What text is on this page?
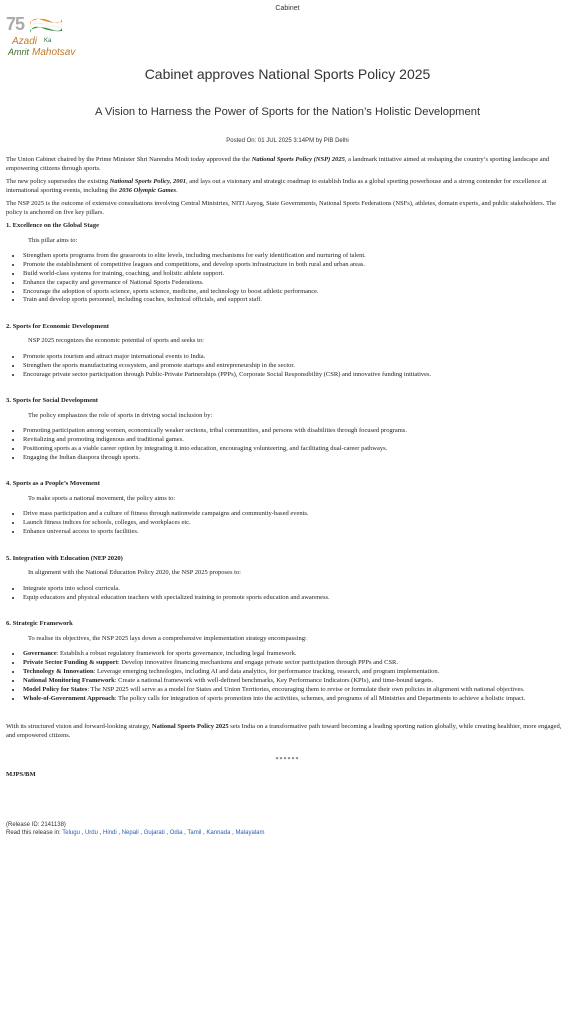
Cabinet
75
Azadi Ka
Amrit Mahotsav
Cabinet approves National Sports Policy 2025
A Vision to Harness the Power of Sports for the Nation’s Holistic Development
Posted On: 01 JUL 2025 3:14PM by PIB Delhi

The Union Cabinet chaired by the Prime Minister Shri Narendra Modi today approved the the National Sports Policy (NSP) 2025, a landmark initiative aimed at reshaping the country’s sporting landscape and empowering citizens through sports.

The new policy supersedes the existing National Sports Policy, 2001, and lays out a visionary and strategic roadmap to establish India as a global sporting powerhouse and a strong contender for excellence at international sporting events, including the 2036 Olympic Games.

The NSP 2025 is the outcome of extensive consultations involving Central Ministries, NITI Aayog, State Governments, National Sports Federations (NSFs), athletes, domain experts, and public stakeholders. The policy is anchored on five key pillars.

1. Excellence on the Global Stage

This pillar aims to:

• Strengthen sports programs from the grassroots to elite levels, including mechanisms for early identification and nurturing of talent.
• Promote the establishment of competitive leagues and competitions, and develop sports infrastructure in both rural and urban areas.
• Build world-class systems for training, coaching, and holistic athlete support.
• Enhance the capacity and governance of National Sports Federations.
• Encourage the adoption of sports science, sports science, medicine, and technology to boost athletic performance.
• Train and develop sports personnel, including coaches, technical officials, and support staff.
2. Sports for Economic Development

NSP 2025 recognizes the economic potential of sports and seeks to:

• Promote sports tourism and attract major international events to India.
• Strengthen the sports manufacturing ecosystem, and promote startups and entrepreneurship in the sector.
• Encourage private sector participation through Public-Private Partnerships (PPPs), Corporate Social Responsibility (CSR) and innovative funding initiatives.
3. Sports for Social Development

The policy emphasizes the role of sports in driving social inclusion by:

• Promoting participation among women, economically weaker sections, tribal communities, and persons with disabilities through focused programs.
• Revitalizing and promoting indigenous and traditional games.
• Positioning sports as a viable career option by integrating it into education, encouraging volunteering, and facilitating dual-career pathways.
• Engaging the Indian diaspora through sports.
4. Sports as a People’s Movement

To make sports a national movement, the policy aims to:

• Drive mass participation and a culture of fitness through nationwide campaigns and community-based events.
• Launch fitness indices for schools, colleges, and workplaces etc.
• Enhance universal access to sports facilities.
5. Integration with Education (NEP 2020)

In alignment with the National Education Policy 2020, the NSP 2025 proposes to:

• Integrate sports into school curricula.
• Equip educators and physical education teachers with specialized training to promote sports education and awareness.
6. Strategic Framework

To realise its objectives, the NSP 2025 lays down a comprehensive implementation strategy encompassing:

• Governance: Establish a robust regulatory framework for sports governance, including legal framework.
• Private Sector Funding & support: Develop innovative financing mechanisms and engage private sector participation through PPPs and CSR.
• Technology & Innovation: Leverage emerging technologies, including AI and data analytics, for performance tracking, research, and program implementation.
• National Monitoring Framework: Create a national framework with well-defined benchmarks, Key Performance Indicators (KPIs), and time-bound targets.
• Model Policy for States: The NSP 2025 will serve as a model for States and Union Territories, encouraging them to revise or formulate their own policies in alignment with national objectives.
• Whole-of-Government Approach: The policy calls for integration of sports promotion into the activities, schemes, and programs of all Ministries and Departments to achieve a holistic impact.

With its structured vision and forward-looking strategy, National Sports Policy 2025 sets India on a transformative path toward becoming a leading sporting nation globally, while creating healthier, more engaged, and empowered citizens.

******
MJPS/BM
(Release ID: 2141138)
Read this release in: Telugu , Urdu , Hindi , Nepali , Gujarati , Odia , Tamil , Kannada , Malayalam
